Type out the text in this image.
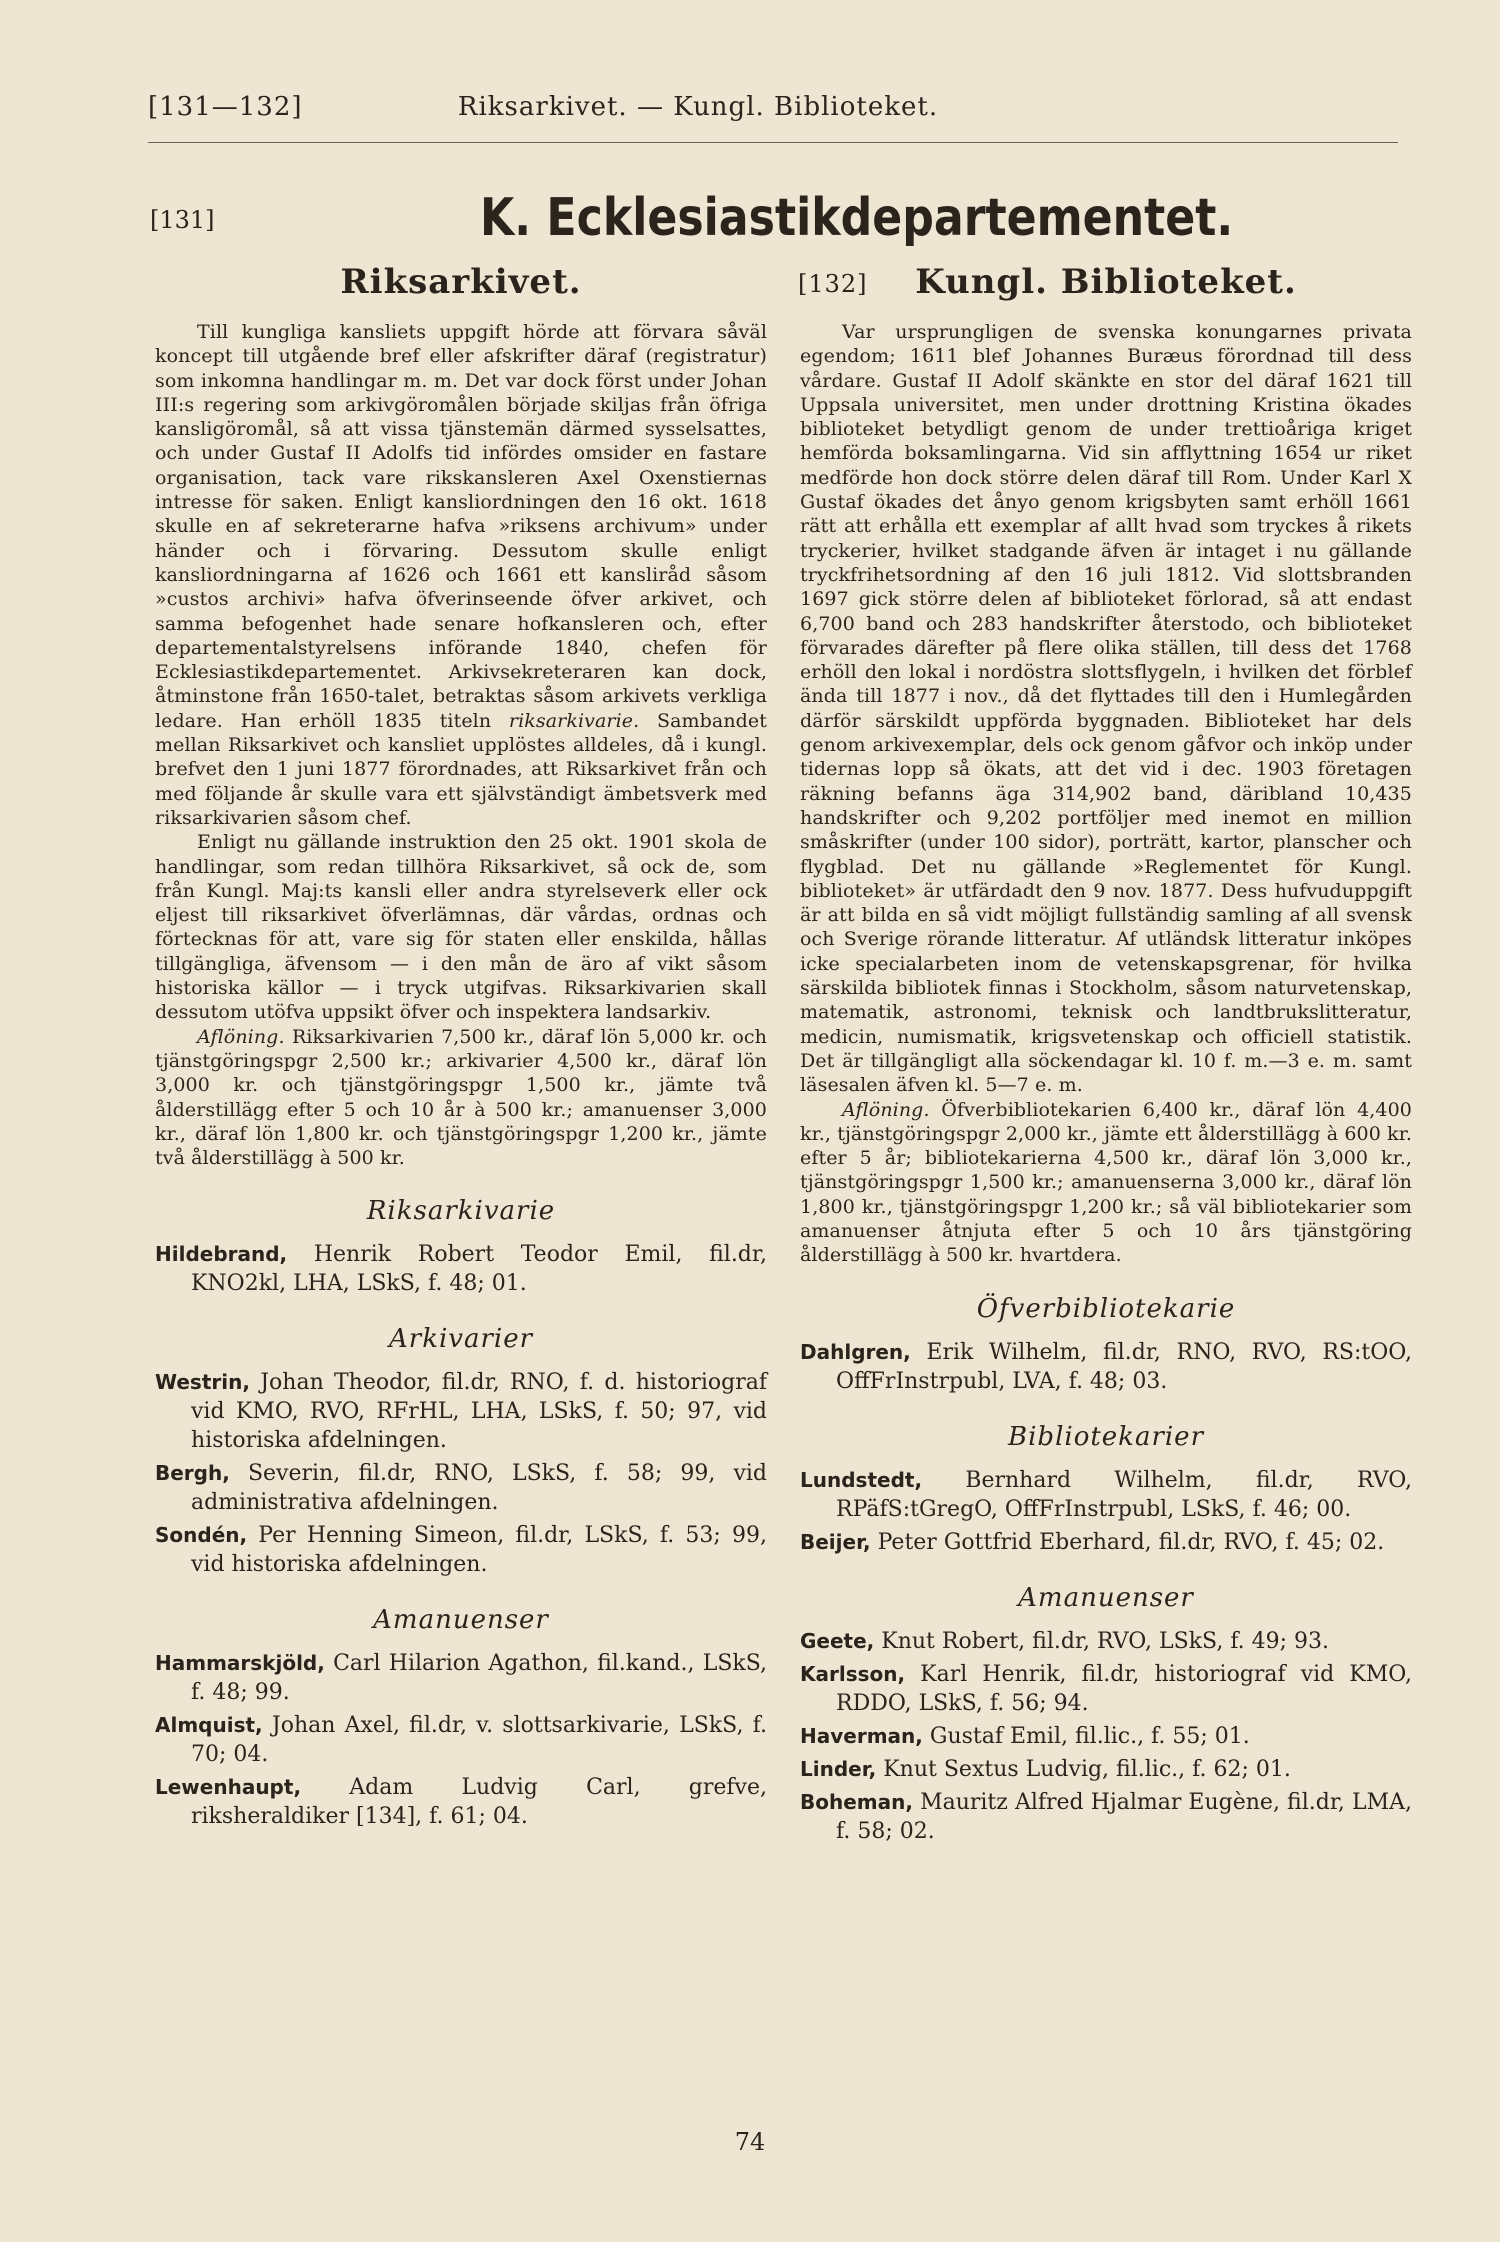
[131—132]	Riksarkivet. — Kungl. Biblioteket.
[131]	K. Ecklesiastikdepartementet.
Riksarkivet.

Till kungliga kansliets uppgift hörde att förvara såväl koncept till utgående bref eller afskrifter däraf (registratur) som inkomna handlingar m. m. Det var dock först under Johan III:s regering som arkivgöromålen började skiljas från öfriga kansligöromål, så att vissa tjänstemän därmed sysselsattes, och under Gustaf II Adolfs tid infördes omsider en fastare organisation, tack vare rikskansleren Axel Oxenstiernas intresse för saken. Enligt kansliordningen den 16 okt. 1618 skulle en af sekreterarne hafva »riksens archivum» under händer och i förvaring. Dessutom skulle enligt kansliordningarna af 1626 och 1661 ett kansliråd såsom »custos archivi» hafva öfverinseende öfver arkivet, och samma befogenhet hade senare hofkansleren och, efter departementalstyrelsens införande 1840, chefen för Ecklesiastikdepartementet. Arkivsekreteraren kan dock, åtminstone från 1650-talet, betraktas såsom arkivets verkliga ledare. Han erhöll 1835 titeln riksarkivarie. Sambandet mellan Riksarkivet och kansliet upplöstes alldeles, då i kungl. brefvet den 1 juni 1877 förordnades, att Riksarkivet från och med följande år skulle vara ett självständigt ämbetsverk med riksarkivarien såsom chef.

Enligt nu gällande instruktion den 25 okt. 1901 skola de handlingar, som redan tillhöra Riksarkivet, så ock de, som från Kungl. Maj:ts kansli eller andra styrelseverk eller ock eljest till riksarkivet öfverlämnas, där vårdas, ordnas och förtecknas för att, vare sig för staten eller enskilda, hållas tillgängliga, äfvensom — i den mån de äro af vikt såsom historiska källor — i tryck utgifvas. Riksarkivarien skall dessutom utöfva uppsikt öfver och inspektera landsarkiv.

Aflöning. Riksarkivarien 7,500 kr., däraf lön 5,000 kr. och tjänstgöringspgr 2,500 kr.; arkivarier 4,500 kr., däraf lön 3,000 kr. och tjänstgöringspgr 1,500 kr., jämte två ålderstillägg efter 5 och 10 år à 500 kr.; amanuenser 3,000 kr., däraf lön 1,800 kr. och tjänstgöringspgr 1,200 kr., jämte två ålderstillägg à 500 kr.

Riksarkivarie

Hildebrand, Henrik Robert Teodor Emil, fil.dr, KNO2kl, LHA, LSkS, f. 48; 01.

Arkivarier

Westrin, Johan Theodor, fil.dr, RNO, f. d. historiograf vid KMO, RVO, RFrHL, LHA, LSkS, f. 50; 97, vid historiska afdelningen.

Bergh, Severin, fil.dr, RNO, LSkS, f. 58; 99, vid administrativa afdelningen.

Sondén, Per Henning Simeon, fil.dr, LSkS, f. 53; 99, vid historiska afdelningen.

Amanuenser

Hammarskjöld, Carl Hilarion Agathon, fil.kand., LSkS, f. 48; 99.

Almquist, Johan Axel, fil.dr, v. slottsarkivarie, LSkS, f. 70; 04.

Lewenhaupt, Adam Ludvig Carl, grefve, riksheraldiker [134], f. 61; 04.

[132] Kungl. Biblioteket.

Var ursprungligen de svenska konungarnes privata egendom; 1611 blef Johannes Buræus förordnad till dess vårdare. Gustaf II Adolf skänkte en stor del däraf 1621 till Uppsala universitet, men under drottning Kristina ökades biblioteket betydligt genom de under trettioåriga kriget hemförda boksamlingarna. Vid sin afflyttning 1654 ur riket medförde hon dock större delen däraf till Rom. Under Karl X Gustaf ökades det ånyo genom krigsbyten samt erhöll 1661 rätt att erhålla ett exemplar af allt hvad som tryckes å rikets tryckerier, hvilket stadgande äfven är intaget i nu gällande tryckfrihetsordning af den 16 juli 1812. Vid slottsbranden 1697 gick större delen af biblioteket förlorad, så att endast 6,700 band och 283 handskrifter återstodo, och biblioteket förvarades därefter på flere olika ställen, till dess det 1768 erhöll den lokal i nordöstra slottsflygeln, i hvilken det förblef ända till 1877 i nov., då det flyttades till den i Humlegården därför särskildt uppförda byggnaden. Biblioteket har dels genom arkivexemplar, dels ock genom gåfvor och inköp under tidernas lopp så ökats, att det vid i dec. 1903 företagen räkning befanns äga 314,902 band, däribland 10,435 handskrifter och 9,202 portföljer med inemot en million småskrifter (under 100 sidor), porträtt, kartor, planscher och flygblad. Det nu gällande »Reglementet för Kungl. biblioteket» är utfärdadt den 9 nov. 1877. Dess hufvuduppgift är att bilda en så vidt möjligt fullständig samling af all svensk och Sverige rörande litteratur. Af utländsk litteratur inköpes icke specialarbeten inom de vetenskapsgrenar, för hvilka särskilda bibliotek finnas i Stockholm, såsom naturvetenskap, matematik, astronomi, teknisk och landtbrukslitteratur, medicin, numismatik, krigsvetenskap och officiell statistik. Det är tillgängligt alla söckendagar kl. 10 f. m.—3 e. m. samt läsesalen äfven kl. 5—7 e. m.

Aflöning. Öfverbibliotekarien 6,400 kr., däraf lön 4,400 kr., tjänstgöringspgr 2,000 kr., jämte ett ålderstillägg à 600 kr. efter 5 år; bibliotekarierna 4,500 kr., däraf lön 3,000 kr., tjänstgöringspgr 1,500 kr.; amanuenserna 3,000 kr., däraf lön 1,800 kr., tjänstgöringspgr 1,200 kr.; så väl bibliotekarier som amanuenser åtnjuta efter 5 och 10 års tjänstgöring ålderstillägg à 500 kr. hvartdera.

Öfverbibliotekarie

Dahlgren, Erik Wilhelm, fil.dr, RNO, RVO, RS:tOO, OffFrInstrpubl, LVA, f. 48; 03.

Bibliotekarier

Lundstedt, Bernhard Wilhelm, fil.dr, RVO, RPäfS:tGregO, OffFrInstrpubl, LSkS, f. 46; 00.

Beijer, Peter Gottfrid Eberhard, fil.dr, RVO, f. 45; 02.

Amanuenser

Geete, Knut Robert, fil.dr, RVO, LSkS, f. 49; 93.

Karlsson, Karl Henrik, fil.dr, historiograf vid KMO, RDDO, LSkS, f. 56; 94.

Haverman, Gustaf Emil, fil.lic., f. 55; 01.

Linder, Knut Sextus Ludvig, fil.lic., f. 62; 01.

Boheman, Mauritz Alfred Hjalmar Eugène, fil.dr, LMA, f. 58; 02.

74
